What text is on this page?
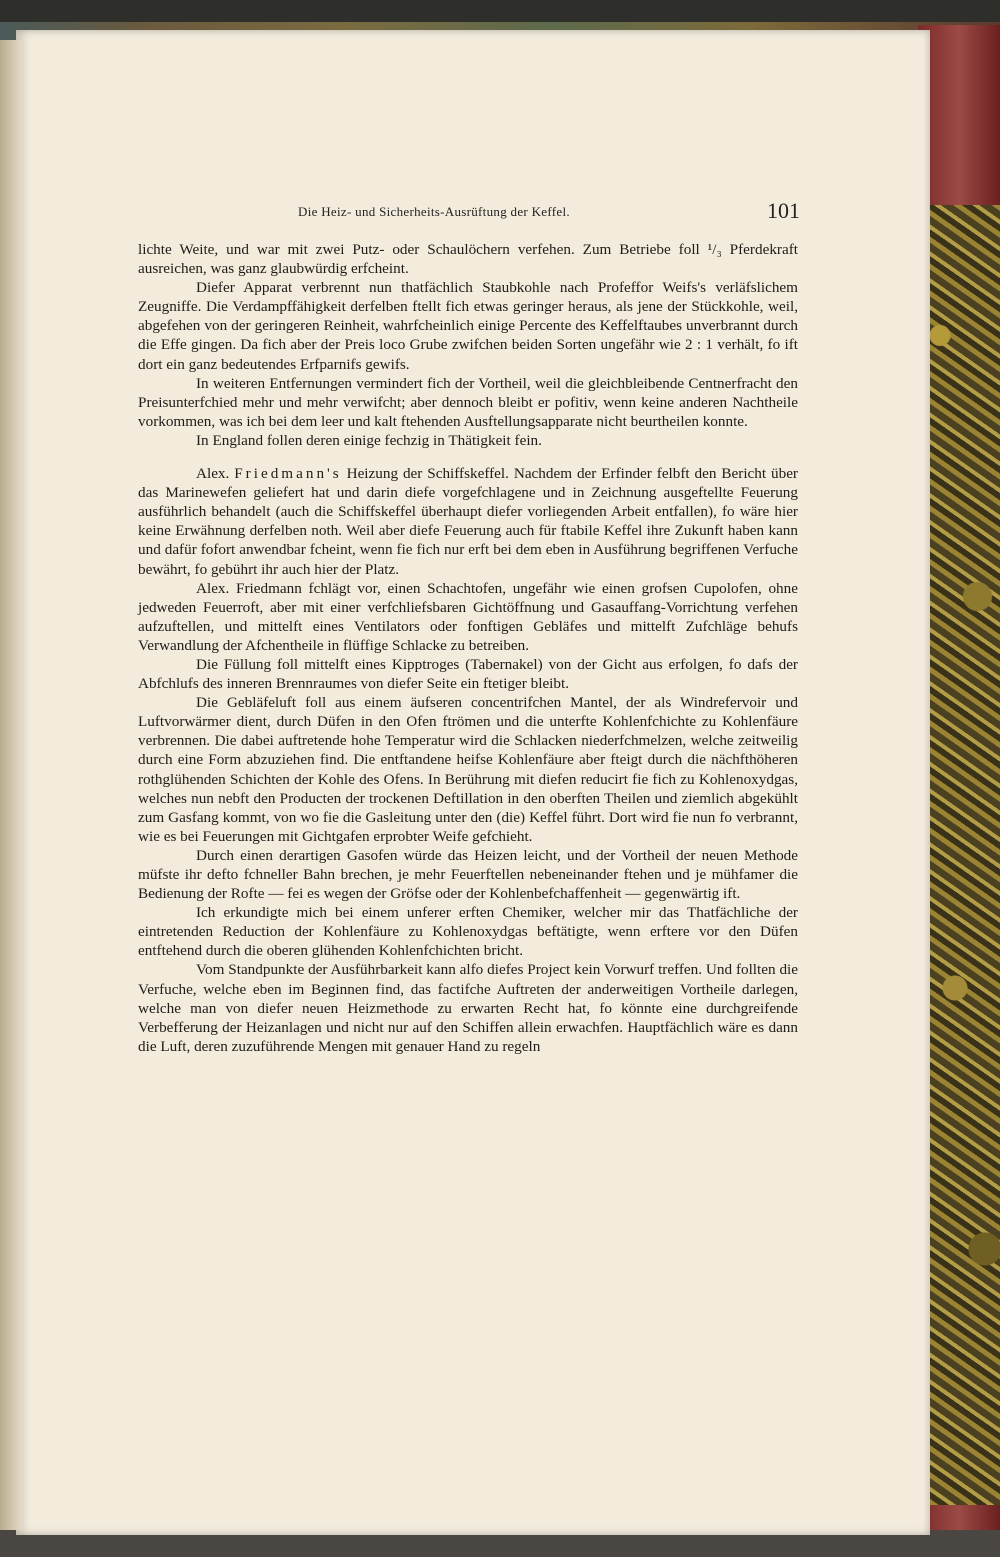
Die Heiz- und Sicherheits-Ausrüftung der Keffel.	101

lichte Weite, und war mit zwei Putz- oder Schaulöchern verfehen. Zum Betriebe foll ¹/₃ Pferdekraft ausreichen, was ganz glaubwürdig erfcheint.

Diefer Apparat verbrennt nun thatfächlich Staubkohle nach Profeffor Weifs's verläfslichem Zeugniffe. Die Verdampffähigkeit derfelben ftellt fich etwas geringer heraus, als jene der Stückkohle, weil, abgefehen von der geringeren Reinheit, wahrfcheinlich einige Percente des Keffelftaubes unverbrannt durch die Effe gingen. Da fich aber der Preis loco Grube zwifchen beiden Sorten ungefähr wie 2 : 1 verhält, fo ift dort ein ganz bedeutendes Erfparnifs gewifs.

In weiteren Entfernungen vermindert fich der Vortheil, weil die gleichbleibende Centnerfracht den Preisunterfchied mehr und mehr verwifcht; aber dennoch bleibt er pofitiv, wenn keine anderen Nachtheile vorkommen, was ich bei dem leer und kalt ftehenden Ausftellungsapparate nicht beurtheilen konnte.

In England follen deren einige fechzig in Thätigkeit fein.

Alex. Friedmann's Heizung der Schiffskeffel. Nachdem der Erfinder felbft den Bericht über das Marinewefen geliefert hat und darin diefe vorgefchlagene und in Zeichnung ausgeftellte Feuerung ausführlich behandelt (auch die Schiffskeffel überhaupt diefer vorliegenden Arbeit entfallen), fo wäre hier keine Erwähnung derfelben noth. Weil aber diefe Feuerung auch für ftabile Keffel ihre Zukunft haben kann und dafür fofort anwendbar fcheint, wenn fie fich nur erft bei dem eben in Ausführung begriffenen Verfuche bewährt, fo gebührt ihr auch hier der Platz.

Alex. Friedmann fchlägt vor, einen Schachtofen, ungefähr wie einen grofsen Cupolofen, ohne jedweden Feuerroft, aber mit einer verfchliefsbaren Gichtöffnung und Gasauffang-Vorrichtung verfehen aufzuftellen, und mittelft eines Ventilators oder fonftigen Gebläfes und mittelft Zufchläge behufs Verwandlung der Afchentheile in flüffige Schlacke zu betreiben.

Die Füllung foll mittelft eines Kipptroges (Tabernakel) von der Gicht aus erfolgen, fo dafs der Abfchlufs des inneren Brennraumes von diefer Seite ein ftetiger bleibt.

Die Gebläfeluft foll aus einem äufseren concentrifchen Mantel, der als Windrefervoir und Luftvorwärmer dient, durch Düfen in den Ofen ftrömen und die unterfte Kohlenfchichte zu Kohlenfäure verbrennen. Die dabei auftretende hohe Temperatur wird die Schlacken niederfchmelzen, welche zeitweilig durch eine Form abzuziehen find. Die entftandene heifse Kohlenfäure aber fteigt durch die nächfthöheren rothglühenden Schichten der Kohle des Ofens. In Berührung mit diefen reducirt fie fich zu Kohlenoxydgas, welches nun nebft den Producten der trockenen Deftillation in den oberften Theilen und ziemlich abgekühlt zum Gasfang kommt, von wo fie die Gasleitung unter den (die) Keffel führt. Dort wird fie nun fo verbrannt, wie es bei Feuerungen mit Gichtgafen erprobter Weife gefchieht.

Durch einen derartigen Gasofen würde das Heizen leicht, und der Vortheil der neuen Methode müfste ihr defto fchneller Bahn brechen, je mehr Feuerftellen nebeneinander ftehen und je mühfamer die Bedienung der Rofte — fei es wegen der Gröfse oder der Kohlenbefchaffenheit — gegenwärtig ift.

Ich erkundigte mich bei einem unferer erften Chemiker, welcher mir das Thatfächliche der eintretenden Reduction der Kohlenfäure zu Kohlenoxydgas beftätigte, wenn erftere vor den Düfen entftehend durch die oberen glühenden Kohlenfchichten bricht.

Vom Standpunkte der Ausführbarkeit kann alfo diefes Project kein Vorwurf treffen. Und follten die Verfuche, welche eben im Beginnen find, das factifche Auftreten der anderweitigen Vortheile darlegen, welche man von diefer neuen Heizmethode zu erwarten Recht hat, fo könnte eine durchgreifende Verbefferung der Heizanlagen und nicht nur auf den Schiffen allein erwachfen. Hauptfächlich wäre es dann die Luft, deren zuzuführende Mengen mit genauer Hand zu regeln
